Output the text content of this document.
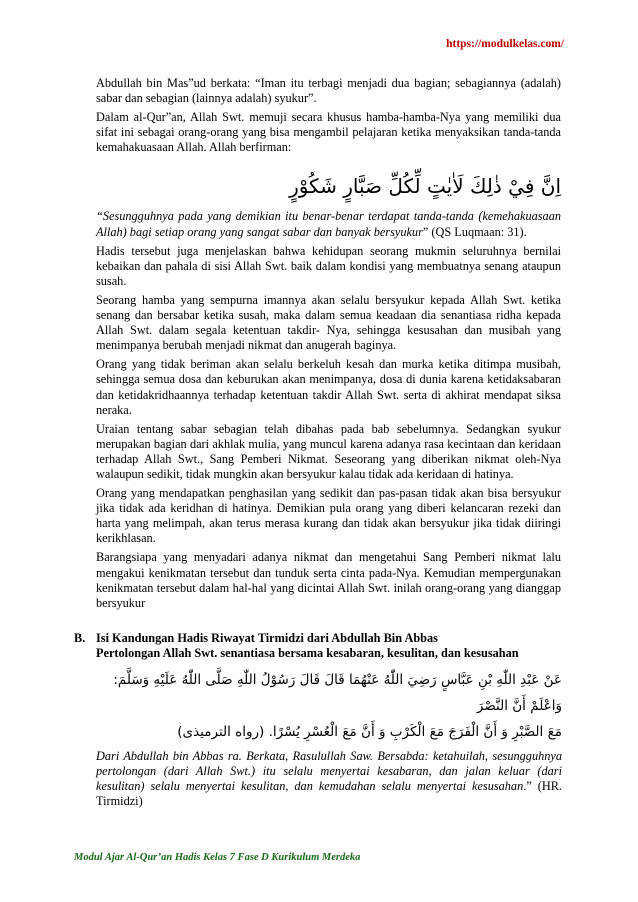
https://modulkelas.com/

Abdullah bin Mas”ud berkata: “Iman itu terbagi menjadi dua bagian; sebagiannya (adalah) sabar dan sebagian (lainnya adalah) syukur”.

Dalam al-Qur”an, Allah Swt. memuji secara khusus hamba-hamba-Nya yang memiliki dua sifat ini sebagai orang-orang yang bisa mengambil pelajaran ketika menyaksikan tanda-tanda kemahakuasaan Allah. Allah berfirman:

اِنَّ فِيْ ذٰلِكَ لَاٰيٰتٍ لِّكُلِّ صَبَّارٍ شَكُوْرٍ

“Sesungguhnya pada yang demikian itu benar-benar terdapat tanda-tanda (kemehakuasaan Allah) bagi setiap orang yang sangat sabar dan banyak bersyukur” (QS Luqmaan: 31).

Hadis tersebut juga menjelaskan bahwa kehidupan seorang mukmin seluruhnya bernilai kebaikan dan pahala di sisi Allah Swt. baik dalam kondisi yang membuatnya senang ataupun susah.

Seorang hamba yang sempurna imannya akan selalu bersyukur kepada Allah Swt. ketika senang dan bersabar ketika susah, maka dalam semua keadaan dia senantiasa ridha kepada Allah Swt. dalam segala ketentuan takdir- Nya, sehingga kesusahan dan musibah yang menimpanya berubah menjadi nikmat dan anugerah baginya.

Orang yang tidak beriman akan selalu berkeluh kesah dan murka ketika ditimpa musibah, sehingga semua dosa dan keburukan akan menimpanya, dosa di dunia karena ketidaksabaran dan ketidakridhaannya terhadap ketentuan takdir Allah Swt. serta di akhirat mendapat siksa neraka.

Uraian tentang sabar sebagian telah dibahas pada bab sebelumnya. Sedangkan syukur merupakan bagian dari akhlak mulia, yang muncul karena adanya rasa kecintaan dan keridaan terhadap Allah Swt., Sang Pemberi Nikmat. Seseorang yang diberikan nikmat oleh-Nya walaupun sedikit, tidak mungkin akan bersyukur kalau tidak ada keridaan di hatinya.

Orang yang mendapatkan penghasilan yang sedikit dan pas-pasan tidak akan bisa bersyukur jika tidak ada keridhan di hatinya. Demikian pula orang yang diberi kelancaran rezeki dan harta yang melimpah, akan terus merasa kurang dan tidak akan bersyukur jika tidak diiringi kerikhlasan.

Barangsiapa yang menyadari adanya nikmat dan mengetahui Sang Pemberi nikmat lalu mengakui kenikmatan tersebut dan tunduk serta cinta pada-Nya. Kemudian mempergunakan kenikmatan tersebut dalam hal-hal yang dicintai Allah Swt. inilah orang-orang yang dianggap bersyukur

B. Isi Kandungan Hadis Riwayat Tirmidzi dari Abdullah Bin Abbas
Pertolongan Allah Swt. senantiasa bersama kesabaran, kesulitan, dan kesusahan
عَنْ عَبْدِ اللّٰهِ بْنِ عَبَّاسٍ رَضِيَ اللّٰهُ عَنْهُمَا قَالَ قَالَ رَسُوْلُ اللّٰهِ صَلَّى اللّٰهُ عَلَيْهِ وَسَلَّمَ: وَاعْلَمْ أَنَّ النَّصْرَ
مَعَ الصَّبْرِ وَ أَنَّ الْفَرَجَ مَعَ الْكَرْبِ وَ أَنَّ مَعَ الْعُسْرِ يُسْرًا. (رواه الترميذى)
Dari Abdullah bin Abbas ra. Berkata, Rasulullah Saw. Bersabda: ketahuilah, sesungguhnya pertolongan (dari Allah Swt.) itu selalu menyertai kesabaran, dan jalan keluar (dari kesulitan) selalu menyertai kesulitan, dan kemudahan selalu menyertai kesusahan.” (HR. Tirmidzi)
Modul Ajar Al-Qur’an Hadis Kelas 7 Fase D Kurikulum Merdeka
